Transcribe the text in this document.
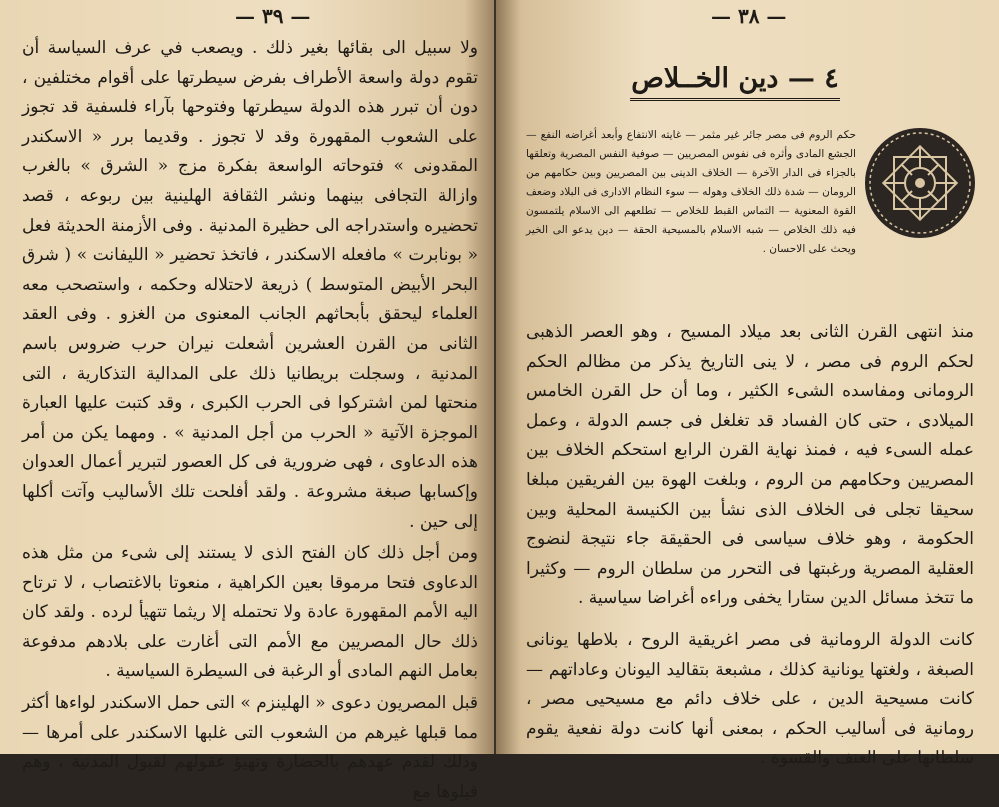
— ٣٩ —

ولا سبيل الى بقائها بغير ذلك . ويصعب في عرف السياسة أن تقوم دولة واسعة الأطراف بفرض سيطرتها على أقوام مختلفين ، دون أن تبرر هذه الدولة سيطرتها وفتوحها بآراء فلسفية قد تجوز على الشعوب المقهورة وقد لا تجوز . وقديما برر « الاسكندر المقدونى » فتوحاته الواسعة بفكرة مزج « الشرق » بالغرب وازالة التجافى بينهما ونشر الثقافة الهلينية بين ربوعه ، قصد تحضيره واستدراجه الى حظيرة المدنية . وفى الأزمنة الحديثة فعل « بونابرت » مافعله الاسكندر ، فاتخذ تحضير « الليفانت » ( شرق البحر الأبيض المتوسط ) ذريعة لاحتلاله وحكمه ، واستصحب معه العلماء ليحقق بأبحاثهم الجانب المعنوى من الغزو . وفى العقد الثانى من القرن العشرين أشعلت نيران حرب ضروس باسم المدنية ، وسجلت بريطانيا ذلك على المدالية التذكارية ، التى منحتها لمن اشتركوا فى الحرب الكبرى ، وقد كتبت عليها العبارة الموجزة الآتية « الحرب من أجل المدنية » . ومهما يكن من أمر هذه الدعاوى ، فهى ضرورية فى كل العصور لتبرير أعمال العدوان وإكسابها صبغة مشروعة . ولقد أفلحت تلك الأساليب وآتت أكلها إلى حين .

ومن أجل ذلك كان الفتح الذى لا يستند إلى شىء من مثل هذه الدعاوى فتحا مرموقا بعين الكراهية ، منعوتا بالاغتصاب ، لا ترتاح اليه الأمم المقهورة عادة ولا تحتمله إلا ريثما تتهيأ لرده . ولقد كان ذلك حال المصريين مع الأمم التى أغارت على بلادهم مدفوعة بعامل النهم المادى أو الرغبة فى السيطرة السياسية .

قبل المصريون دعوى « الهلينزم » التى حمل الاسكندر لواءها أكثر مما قبلها غيرهم من الشعوب التى غلبها الاسكندر على أمرها — وذلك لقدم عهدهم بالحضارة وتهيؤ عقولهم لقبول المدنية ، وهم قبلوها مع

— ٣٨ —
٤ — دين الخــلاص
حكم الروم فى مصر جائر غير مثمر — غايته الانتفاع وأبعد أغراضه النفع — الجشع المادى وأثره فى نفوس المصريين — صوفية النفس المصرية وتعلقها بالجزاء فى الدار الآخرة — الخلاف الدينى بين المصريين وبين حكامهم من الرومان — شدة ذلك الخلاف وهوله — سوء النظام الادارى فى البلاد وضعف القوة المعنوية — التماس القبط للخلاص — تطلعهم الى الاسلام يلتمسون فيه ذلك الخلاص — شبه الاسلام بالمسيحية الحقة — دين يدعو الى الخير ويحث على الاحسان .

منذ انتهى القرن الثانى بعد ميلاد المسيح ، وهو العصر الذهبى لحكم الروم فى مصر ، لا ينى التاريخ يذكر من مظالم الحكم الرومانى ومفاسده الشىء الكثير ، وما أن حل القرن الخامس الميلادى ، حتى كان الفساد قد تغلغل فى جسم الدولة ، وعمل عمله السىء فيه ، فمنذ نهاية القرن الرابع استحكم الخلاف بين المصريين وحكامهم من الروم ، وبلغت الهوة بين الفريقين مبلغا سحيقا تجلى فى الخلاف الذى نشأ بين الكنيسة المحلية وبين الحكومة ، وهو خلاف سياسى فى الحقيقة جاء نتيجة لنضوج العقلية المصرية ورغبتها فى التحرر من سلطان الروم — وكثيرا ما تتخذ مسائل الدين ستارا يخفى وراءه أغراضا سياسية .

كانت الدولة الرومانية فى مصر اغريقية الروح ، بلاطها يونانى الصبغة ، ولغتها يونانية كذلك ، مشبعة بتقاليد اليونان وعاداتهم — كانت مسيحية الدين ، على خلاف دائم مع مسيحيى مصر ، رومانية فى أساليب الحكم ، بمعنى أنها كانت دولة نفعية يقوم سلطانها على العنف والقسوة .
